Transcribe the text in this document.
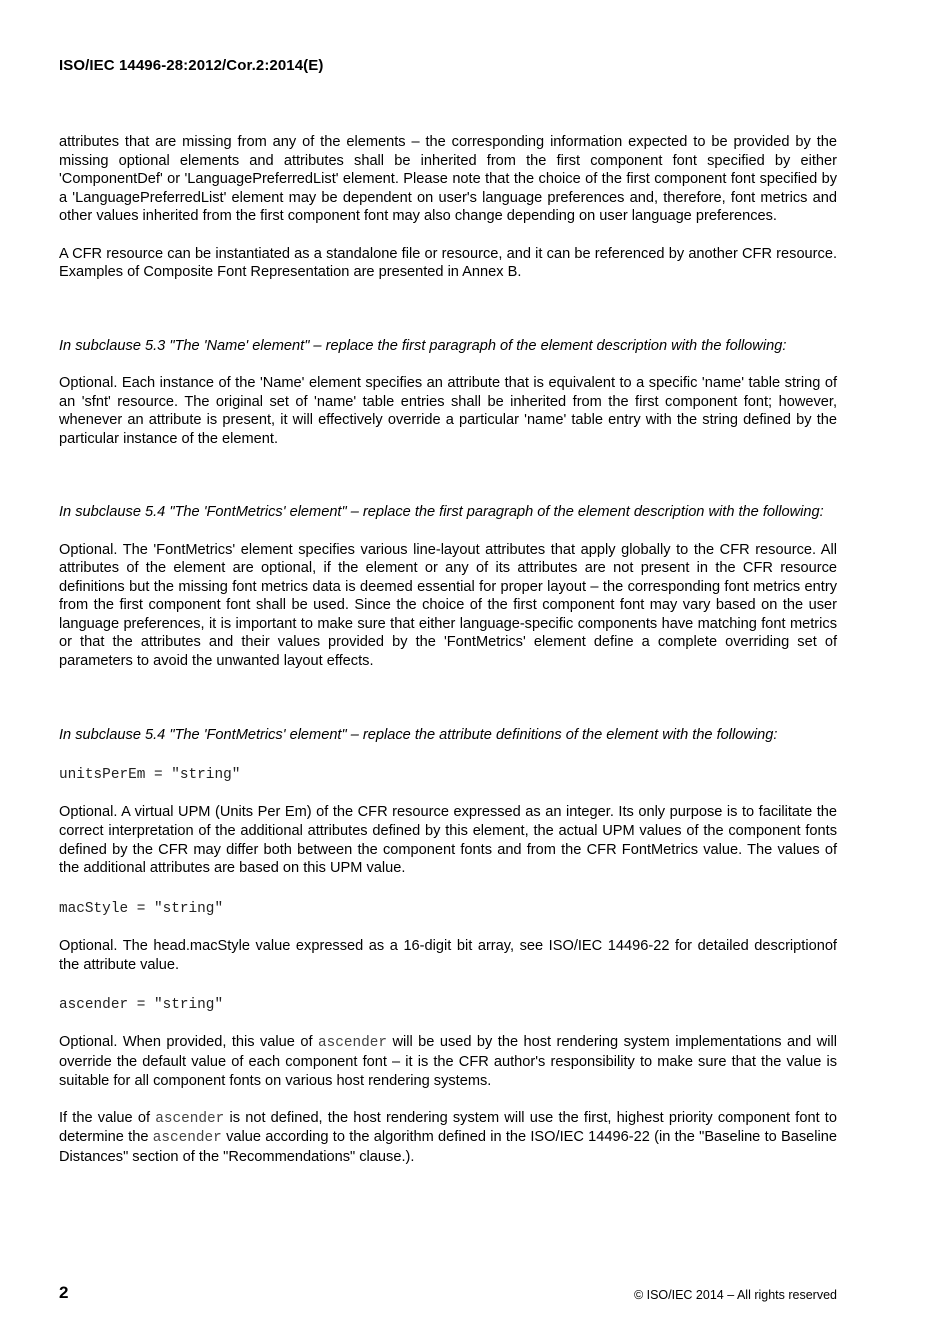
ISO/IEC 14496-28:2012/Cor.2:2014(E)

attributes that are missing from any of the elements – the corresponding information expected to be provided by the missing optional elements and attributes shall be inherited from the first component font specified by either 'ComponentDef' or 'LanguagePreferredList' element. Please note that the choice of the first component font specified by a 'LanguagePreferredList' element may be dependent on user's language preferences and, therefore, font metrics and other values inherited from the first component font may also change depending on user language preferences.

A CFR resource can be instantiated as a standalone file or resource, and it can be referenced by another CFR resource. Examples of Composite Font Representation are presented in Annex B.

In subclause 5.3 "The 'Name' element" – replace the first paragraph of the element description with the following:

Optional. Each instance of the 'Name' element specifies an attribute that is equivalent to a specific 'name' table string of an 'sfnt' resource. The original set of 'name' table entries shall be inherited from the first component font; however, whenever an attribute is present, it will effectively override a particular 'name' table entry with the string defined by the particular instance of the element.

In subclause 5.4 "The 'FontMetrics' element" – replace the first paragraph of the element description with the following:

Optional. The 'FontMetrics' element specifies various line-layout attributes that apply globally to the CFR resource. All attributes of the element are optional, if the element or any of its attributes are not present in the CFR resource definitions but the missing font metrics data is deemed essential for proper layout – the corresponding font metrics entry from the first component font shall be used. Since the choice of the first component font may vary based on the user language preferences, it is important to make sure that either language-specific components have matching font metrics or that the attributes and their values provided by the 'FontMetrics' element define a complete overriding set of parameters to avoid the unwanted layout effects.

In subclause 5.4 "The 'FontMetrics' element" – replace the attribute definitions of the element with the following:

unitsPerEm = "string"

Optional. A virtual UPM (Units Per Em) of the CFR resource expressed as an integer. Its only purpose is to facilitate the correct interpretation of the additional attributes defined by this element, the actual UPM values of the component fonts defined by the CFR may differ both between the component fonts and from the CFR FontMetrics value. The values of the additional attributes are based on this UPM value.

macStyle = "string"

Optional. The head.macStyle value expressed as a 16-digit bit array, see ISO/IEC 14496-22 for detailed descriptionof the attribute value.

ascender = "string"

Optional. When provided, this value of ascender will be used by the host rendering system implementations and will override the default value of each component font – it is the CFR author's responsibility to make sure that the value is suitable for all component fonts on various host rendering systems.

If the value of ascender is not defined, the host rendering system will use the first, highest priority component font to determine the ascender value according to the algorithm defined in the ISO/IEC 14496-22 (in the "Baseline to Baseline Distances" section of the "Recommendations" clause.).

2	© ISO/IEC 2014 – All rights reserved
